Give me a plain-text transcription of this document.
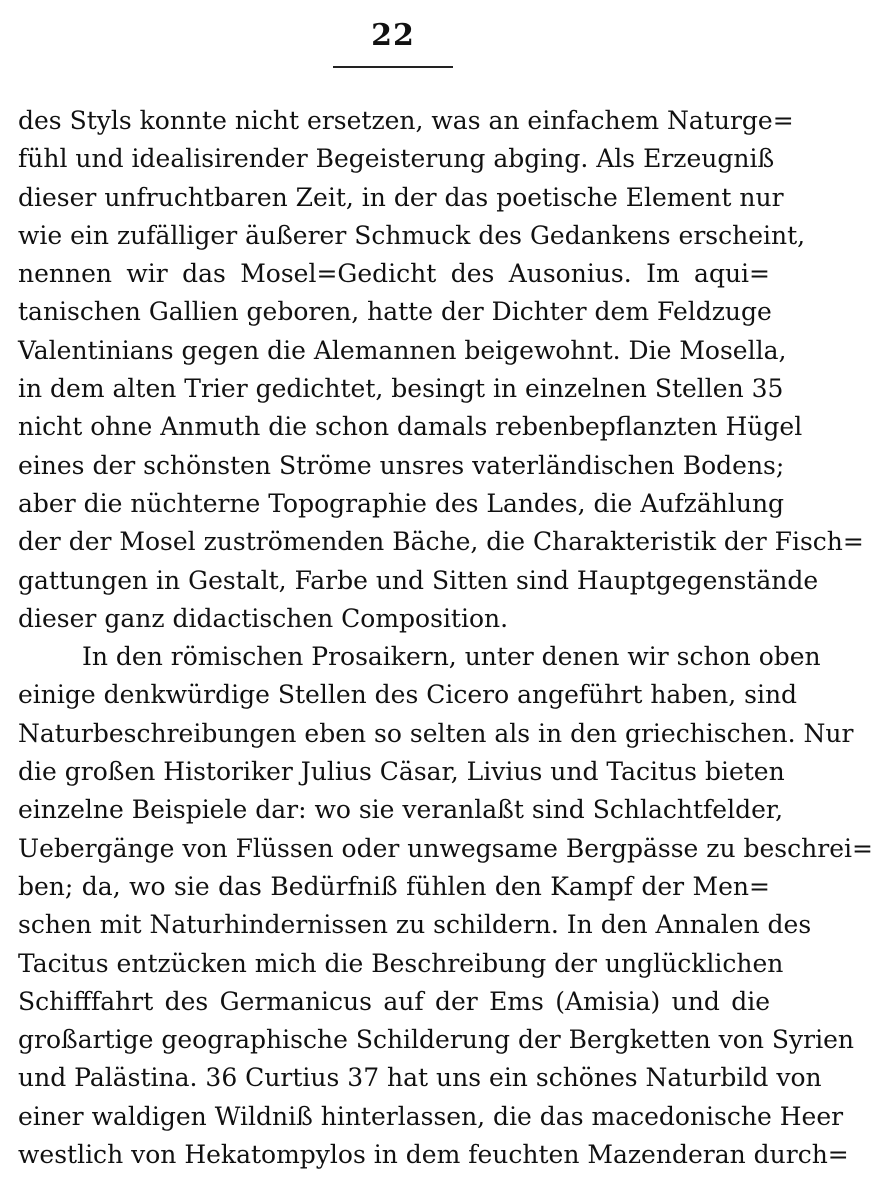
22
des Styls konnte nicht ersetzen, was an einfachem Naturge=
fühl und idealisirender Begeisterung abging. Als Erzeugniß
dieser unfruchtbaren Zeit, in der das poetische Element nur
wie ein zufälliger äußerer Schmuck des Gedankens erscheint,
nennen wir das Mosel=Gedicht des Ausonius. Im aqui=
tanischen Gallien geboren, hatte der Dichter dem Feldzuge
Valentinians gegen die Alemannen beigewohnt. Die Mosella,
in dem alten Trier gedichtet, besingt in einzelnen Stellen 35
nicht ohne Anmuth die schon damals rebenbepflanzten Hügel
eines der schönsten Ströme unsres vaterländischen Bodens;
aber die nüchterne Topographie des Landes, die Aufzählung
der der Mosel zuströmenden Bäche, die Charakteristik der Fisch=
gattungen in Gestalt, Farbe und Sitten sind Hauptgegenstände
dieser ganz didactischen Composition.
In den römischen Prosaikern, unter denen wir schon oben
einige denkwürdige Stellen des Cicero angeführt haben, sind
Naturbeschreibungen eben so selten als in den griechischen. Nur
die großen Historiker Julius Cäsar, Livius und Tacitus bieten
einzelne Beispiele dar: wo sie veranlaßt sind Schlachtfelder,
Uebergänge von Flüssen oder unwegsame Bergpässe zu beschrei=
ben; da, wo sie das Bedürfniß fühlen den Kampf der Men=
schen mit Naturhindernissen zu schildern. In den Annalen des
Tacitus entzücken mich die Beschreibung der unglücklichen
Schifffahrt des Germanicus auf der Ems (Amisia) und die
großartige geographische Schilderung der Bergketten von Syrien
und Palästina. 36 Curtius 37 hat uns ein schönes Naturbild von
einer waldigen Wildniß hinterlassen, die das macedonische Heer
westlich von Hekatompylos in dem feuchten Mazenderan durch=
